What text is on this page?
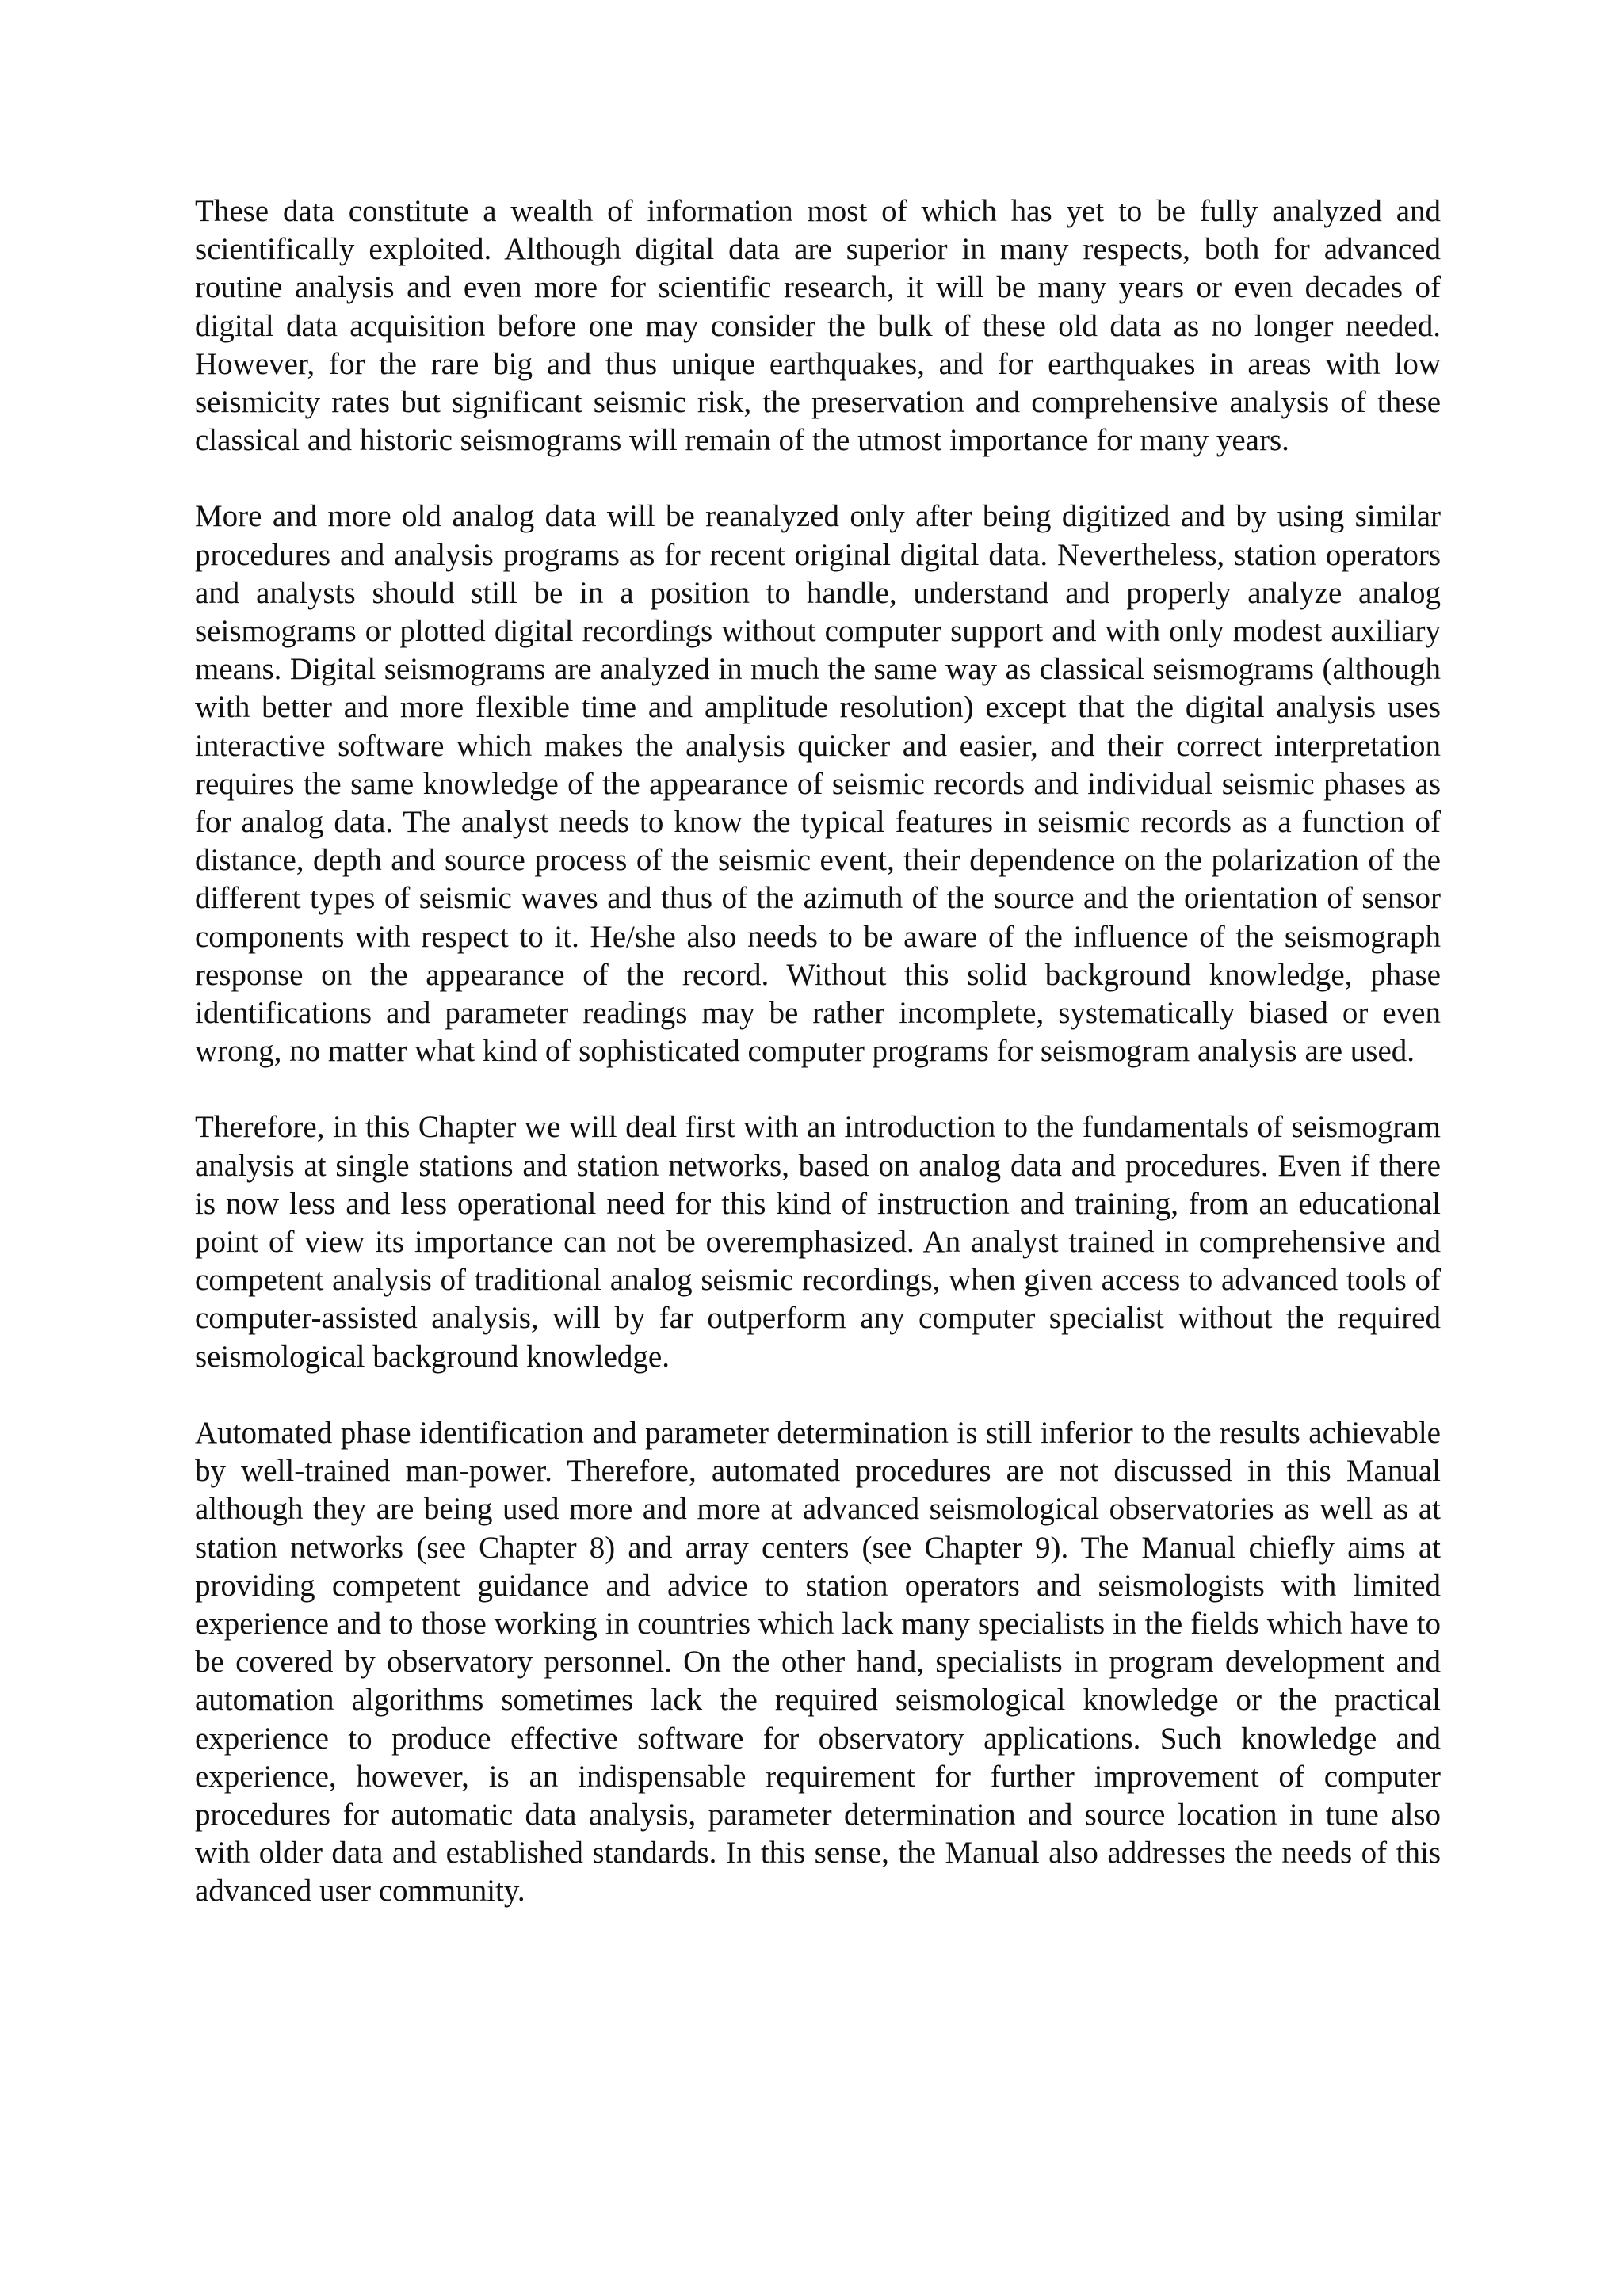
These data constitute a wealth of information most of which has yet to be fully analyzed and scientifically exploited. Although digital data are superior in many respects, both for advanced routine analysis and even more for scientific research, it will be many years or even decades of digital data acquisition before one may consider the bulk of these old data as no longer needed. However, for the rare big and thus unique earthquakes, and for earthquakes in areas with low seismicity rates but significant seismic risk, the preservation and comprehensive analysis of these classical and historic seismograms will remain of the utmost importance for many years.

More and more old analog data will be reanalyzed only after being digitized and by using similar procedures and analysis programs as for recent original digital data. Nevertheless, station operators and analysts should still be in a position to handle, understand and properly analyze analog seismograms or plotted digital recordings without computer support and with only modest auxiliary means. Digital seismograms are analyzed in much the same way as classical seismograms (although with better and more flexible time and amplitude resolution) except that the digital analysis uses interactive software which makes the analysis quicker and easier, and their correct interpretation requires the same knowledge of the appearance of seismic records and individual seismic phases as for analog data. The analyst needs to know the typical features in seismic records as a function of distance, depth and source process of the seismic event, their dependence on the polarization of the different types of seismic waves and thus of the azimuth of the source and the orientation of sensor components with respect to it. He/she also needs to be aware of the influence of the seismograph response on the appearance of the record. Without this solid background knowledge, phase identifications and parameter readings may be rather incomplete, systematically biased or even wrong, no matter what kind of sophisticated computer programs for seismogram analysis are used.

Therefore, in this Chapter we will deal first with an introduction to the fundamentals of seismogram analysis at single stations and station networks, based on analog data and procedures. Even if there is now less and less operational need for this kind of instruction and training, from an educational point of view its importance can not be overemphasized. An analyst trained in comprehensive and competent analysis of traditional analog seismic recordings, when given access to advanced tools of computer-assisted analysis, will by far outperform any computer specialist without the required seismological background knowledge.

Automated phase identification and parameter determination is still inferior to the results achievable by well-trained man-power. Therefore, automated procedures are not discussed in this Manual although they are being used more and more at advanced seismological observatories as well as at station networks (see Chapter 8) and array centers (see Chapter 9). The Manual chiefly aims at providing competent guidance and advice to station operators and seismologists with limited experience and to those working in countries which lack many specialists in the fields which have to be covered by observatory personnel. On the other hand, specialists in program development and automation algorithms sometimes lack the required seismological knowledge or the practical experience to produce effective software for observatory applications. Such knowledge and experience, however, is an indispensable requirement for further improvement of computer procedures for automatic data analysis, parameter determination and source location in tune also with older data and established standards. In this sense, the Manual also addresses the needs of this advanced user community.
